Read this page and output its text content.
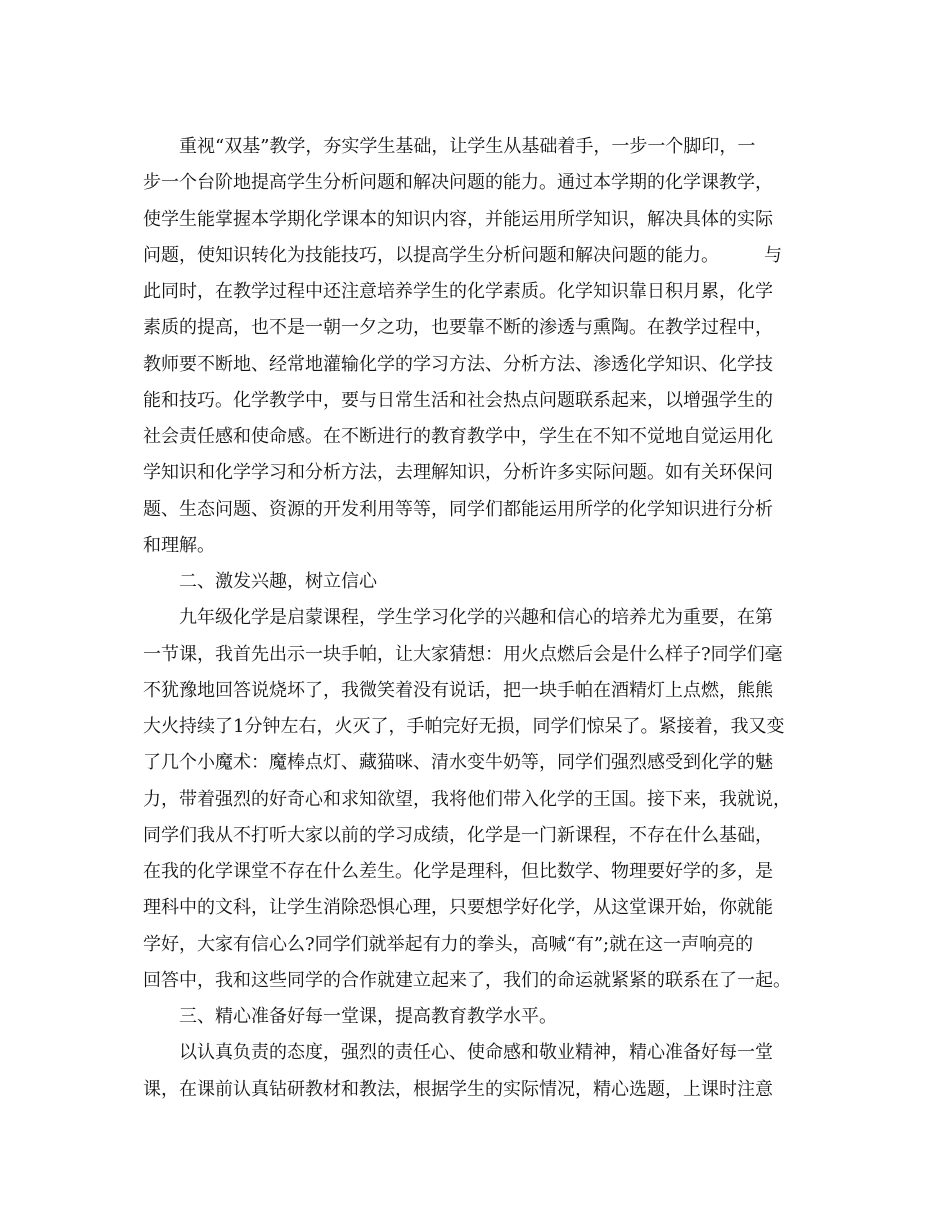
　　重视“双基”教学，夯实学生基础，让学生从基础着手，一步一个脚印，一
步一个台阶地提高学生分析问题和解决问题的能力。通过本学期的化学课教学，
使学生能掌握本学期化学课本的知识内容，并能运用所学知识，解决具体的实际
问题，使知识转化为技能技巧，以提高学生分析问题和解决问题的能力。　　　与
此同时，在教学过程中还注意培养学生的化学素质。化学知识靠日积月累，化学
素质的提高，也不是一朝一夕之功，也要靠不断的渗透与熏陶。在教学过程中，
教师要不断地、经常地灌输化学的学习方法、分析方法、渗透化学知识、化学技
能和技巧。化学教学中，要与日常生活和社会热点问题联系起来，以增强学生的
社会责任感和使命感。在不断进行的教育教学中，学生在不知不觉地自觉运用化
学知识和化学学习和分析方法，去理解知识，分析许多实际问题。如有关环保问
题、生态问题、资源的开发利用等等，同学们都能运用所学的化学知识进行分析
和理解。
　　二、激发兴趣，树立信心
　　九年级化学是启蒙课程，学生学习化学的兴趣和信心的培养尤为重要，在第
一节课，我首先出示一块手帕，让大家猜想：用火点燃后会是什么样子?同学们毫
不犹豫地回答说烧坏了，我微笑着没有说话，把一块手帕在酒精灯上点燃，熊熊
大火持续了1分钟左右，火灭了，手帕完好无损，同学们惊呆了。紧接着，我又变
了几个小魔术：魔棒点灯、藏猫咪、清水变牛奶等，同学们强烈感受到化学的魅
力，带着强烈的好奇心和求知欲望，我将他们带入化学的王国。接下来，我就说，
同学们我从不打听大家以前的学习成绩，化学是一门新课程，不存在什么基础，
在我的化学课堂不存在什么差生。化学是理科，但比数学、物理要好学的多，是
理科中的文科，让学生消除恐惧心理，只要想学好化学，从这堂课开始，你就能
学好，大家有信心么?同学们就举起有力的拳头，高喊“有”;就在这一声响亮的
回答中，我和这些同学的合作就建立起来了，我们的命运就紧紧的联系在了一起。
　　三、精心准备好每一堂课，提高教育教学水平。
　　以认真负责的态度，强烈的责任心、使命感和敬业精神，精心准备好每一堂
课，在课前认真钻研教材和教法，根据学生的实际情况，精心选题，上课时注意
